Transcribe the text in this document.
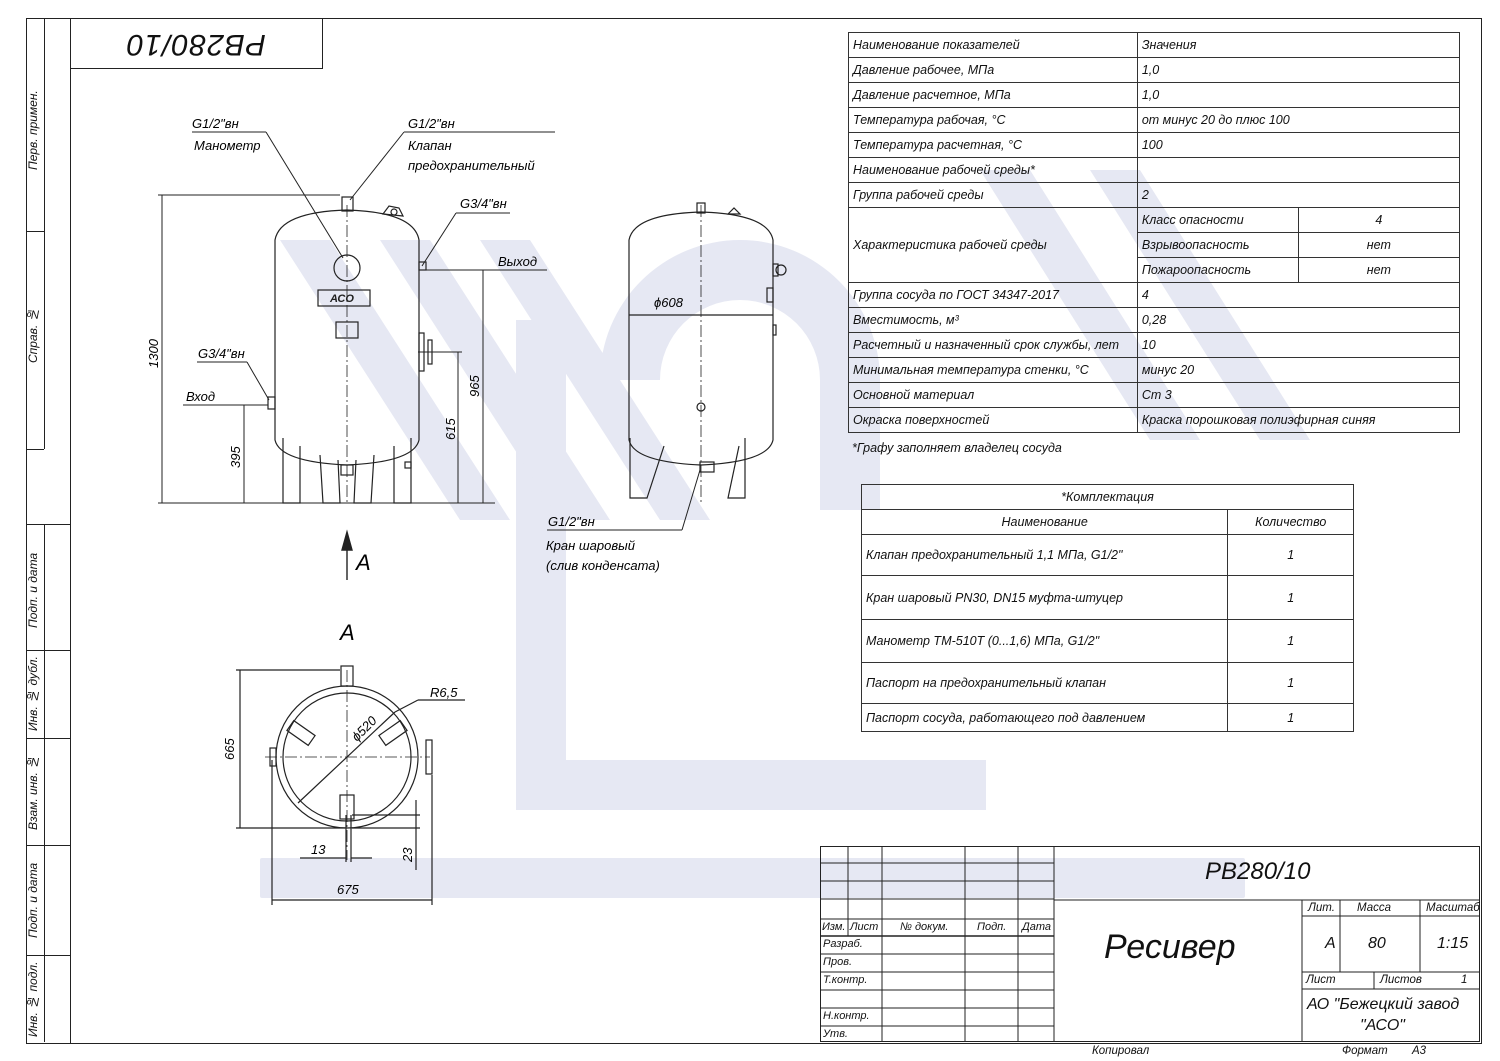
Перв. примен.
Справ. №
Подп. и дата
Инв. № дубл.
Взам. инв. №
Подп. и дата
Инв. № подл.
РВ280/10
АСО
G1/2"вн
Манометр
G1/2"вн
Клапан
предохранительный
G3/4"вн
Выход
G3/4"вн
Вход
1300
395
615
965
ϕ608
G1/2"вн
Кран шаровый
(слив конденсата)
A
A
R6,5
ϕ520
665
675
13	23
Наименование показателей	Значения	
Давление рабочее, МПа	1,0	
Давление расчетное, МПа	1,0	
Температура рабочая, °С	от минус 20 до плюс 100	
Температура расчетная, °С	100	
Наименование рабочей среды*		
Группа рабочей среды	2	
Характеристика рабочей среды	Класс опасности	4
	Взрывоопасность	нет
	Пожароопасность	нет
Группа сосуда по ГОСТ 34347-2017	4	
Вместимость, м³	0,28	
Расчетный и назначенный срок службы, лет	10	
Минимальная температура стенки, °С	минус 20	
Основной материал	Ст 3	
Окраска поверхностей	Краска порошковая полиэфирная синяя	
*Графу заполняет владелец сосуда
*Комплектация	
Наименование	Количество
Клапан предохранительный 1,1 МПа, G1/2"	1
Кран шаровый PN30, DN15 муфта-штуцер	1
Манометр ТМ-510Т (0...1,6) МПа, G1/2"	1
Паспорт на предохранительный клапан	1
Паспорт сосуда, работающего под давлением	1
Изм. Лист № докум.	Подп. Дата
Разраб.
Пров.
Т.контр.
Н.контр.
Утв.
РВ280/10
Ресивер
Лит. Масса	Масштаб
А 80	1:15
Лист	Листов	1
АО "Бежецкий завод
"АСО"
Копировал	Формат А3
